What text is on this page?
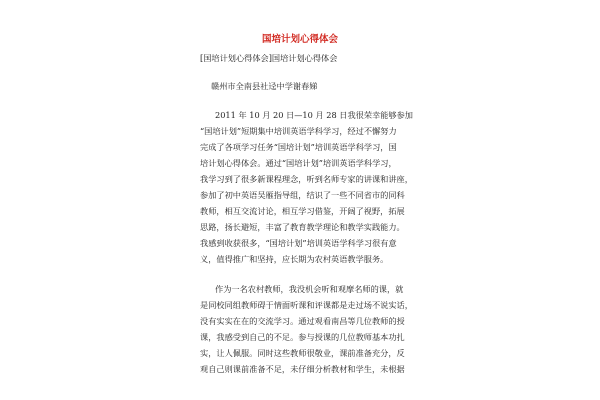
国培计划心得体会
[国培计划心得体会]国培计划心得体会
赣州市全南县社迳中学谢春娣
2011 年 10 月 20 日—10 月 28 日我很荣幸能够参加
“国培计划”短期集中培训英语学科学习，经过不懈努力
完成了各项学习任务“国培计划”培训英语学科学习，国
培计划心得体会。通过“国培计划”培训英语学科学习，
我学习到了很多新课程理念，听到名师专家的讲课和讲座，
参加了初中英语吴雁指导组，结识了一些不同省市的同科
教师，相互交流讨论，相互学习借鉴，开阔了视野，拓展
思路，扬长避短，丰富了教育教学理论和教学实践能力。
我感到收获很多，“国培计划”培训英语学科学习很有意
义，值得推广和坚持，应长期为农村英语教学服务。
作为一名农村教师，我没机会听和观摩名师的课，就
是同校同组教师碍于情面听课和评课都是走过场不说实话，
没有实实在在的交流学习。通过观看南昌等几位教师的授
课，我感受到自己的不足。参与授课的几位教师基本功扎
实，让人佩服。同时这些教师很敬业，课前准备充分，反
观自己则课前准备不足，未仔细分析教材和学生，未根据
